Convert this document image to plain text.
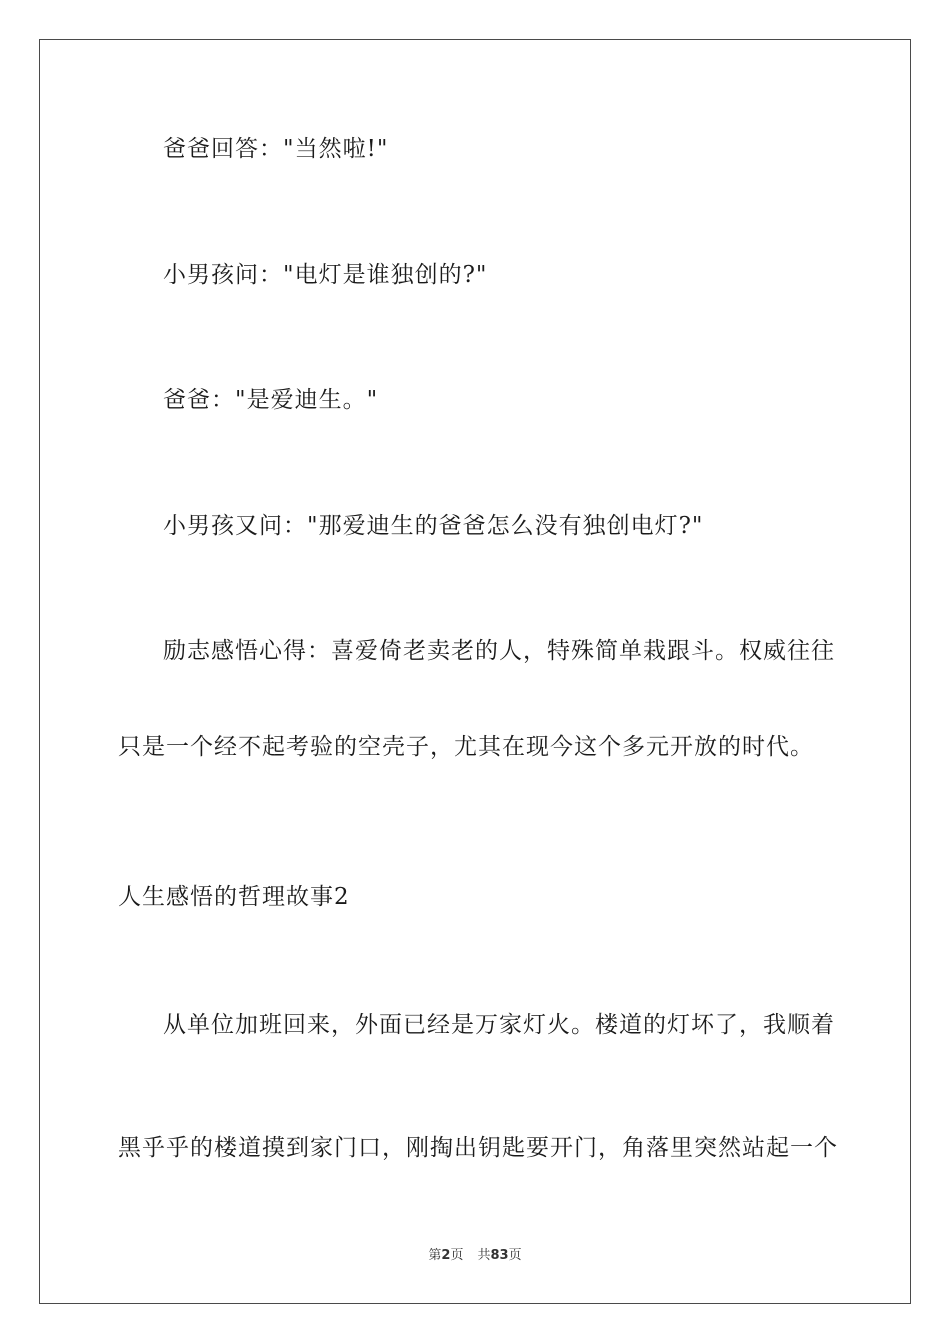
爸爸回答："当然啦!"

小男孩问："电灯是谁独创的?"

爸爸："是爱迪生。"

小男孩又问："那爱迪生的爸爸怎么没有独创电灯?"

励志感悟心得：喜爱倚老卖老的人，特殊简单栽跟斗。权威往往

只是一个经不起考验的空壳子，尤其在现今这个多元开放的时代。

人生感悟的哲理故事2

从单位加班回来，外面已经是万家灯火。楼道的灯坏了，我顺着

黑乎乎的楼道摸到家门口，刚掏出钥匙要开门，角落里突然站起一个

第2页 共83页
